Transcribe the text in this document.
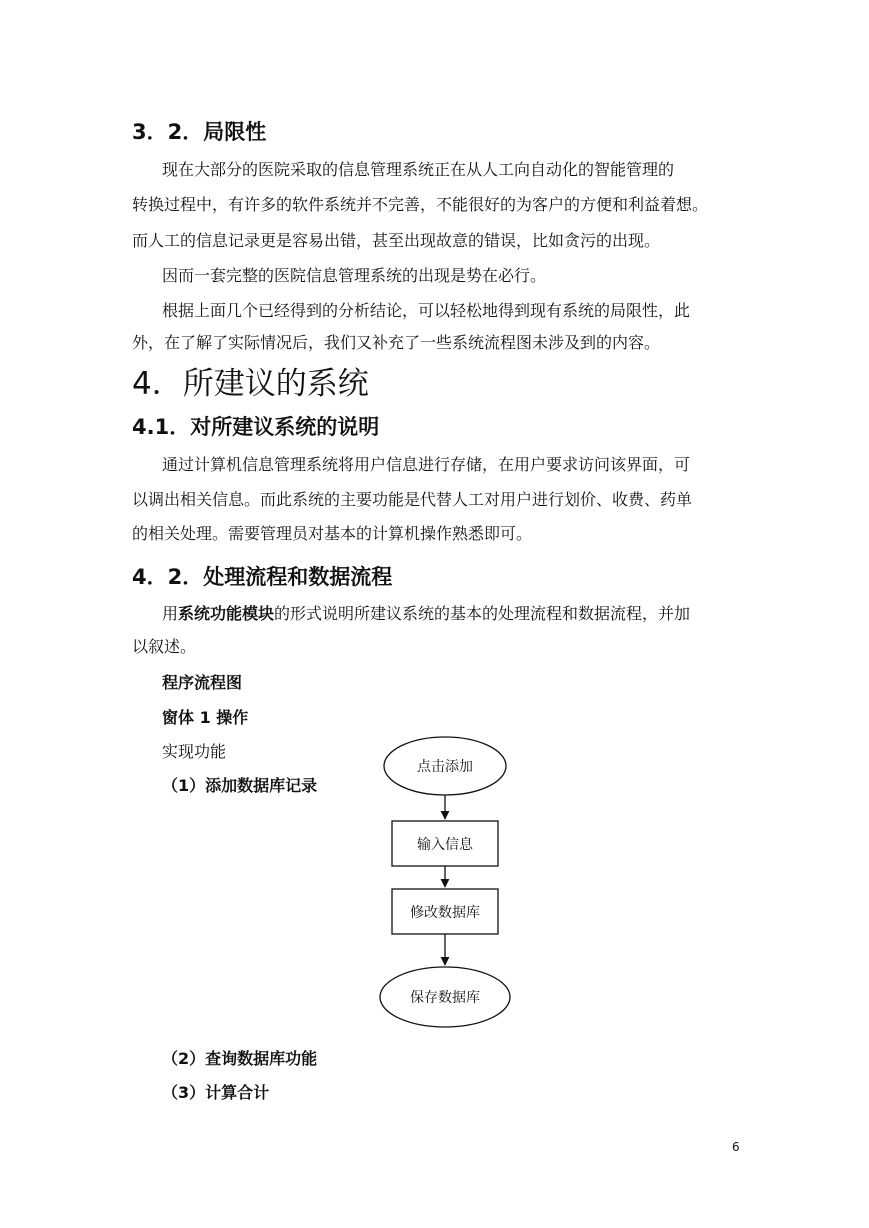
3．2．局限性
现在大部分的医院采取的信息管理系统正在从人工向自动化的智能管理的
转换过程中，有许多的软件系统并不完善，不能很好的为客户的方便和利益着想。
而人工的信息记录更是容易出错，甚至出现故意的错误，比如贪污的出现。
因而一套完整的医院信息管理系统的出现是势在必行。
根据上面几个已经得到的分析结论，可以轻松地得到现有系统的局限性，此
外，在了解了实际情况后，我们又补充了一些系统流程图未涉及到的内容。
4．所建议的系统
4.1．对所建议系统的说明
通过计算机信息管理系统将用户信息进行存储，在用户要求访问该界面，可
以调出相关信息。而此系统的主要功能是代替人工对用户进行划价、收费、药单
的相关处理。需要管理员对基本的计算机操作熟悉即可。
4．2．处理流程和数据流程
用系统功能模块的形式说明所建议系统的基本的处理流程和数据流程，并加
以叙述。
程序流程图
窗体 1 操作
实现功能
（1）添加数据库记录
点击添加
输入信息
修改数据库
保存数据库
（2）查询数据库功能
（3）计算合计
6
